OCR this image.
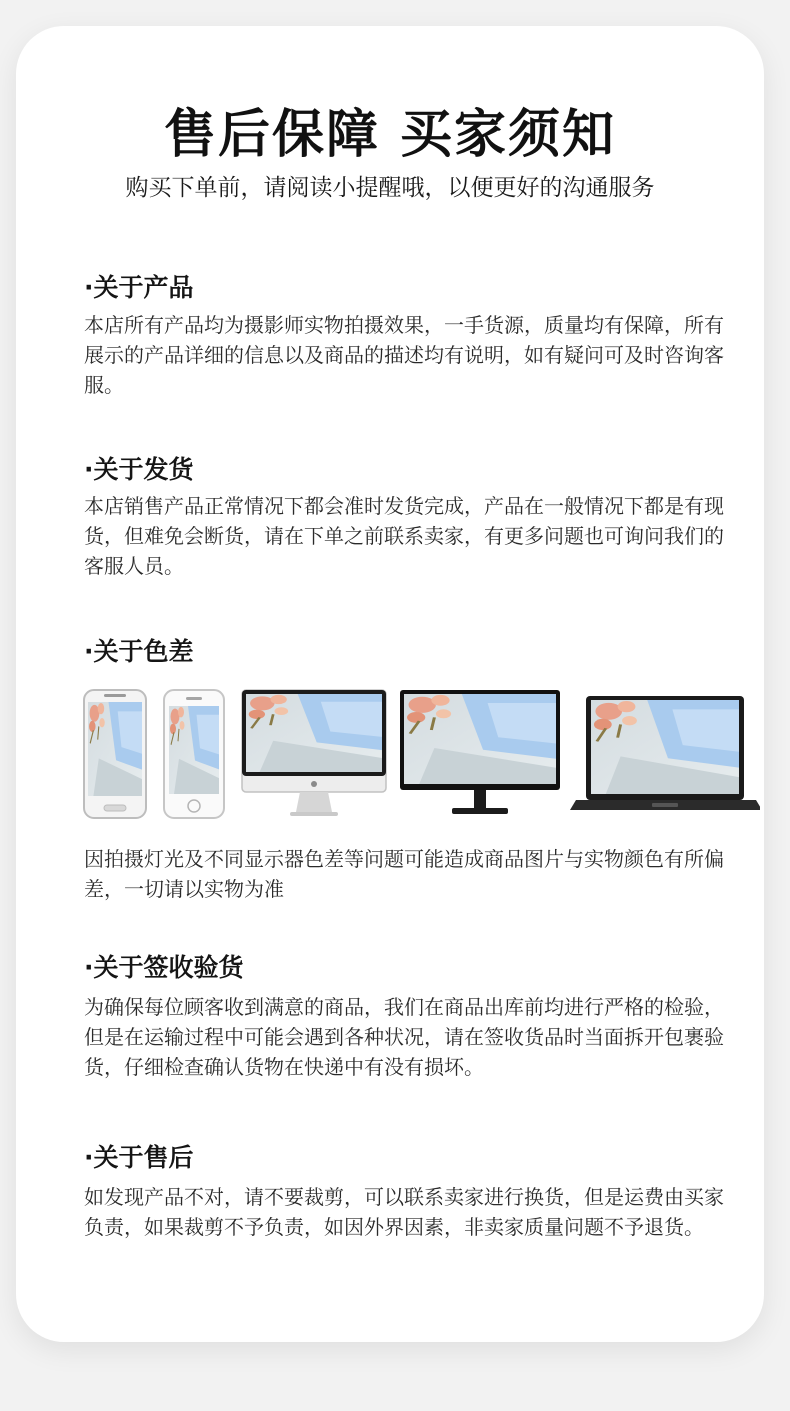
售后保障 买家须知
购买下单前，请阅读小提醒哦，以便更好的沟通服务
·关于产品
本店所有产品均为摄影师实物拍摄效果，一手货源，质量均有保障，所有展示的产品详细的信息以及商品的描述均有说明，如有疑问可及时咨询客服。
·关于发货
本店销售产品正常情况下都会准时发货完成，产品在一般情况下都是有现货，但难免会断货，请在下单之前联系卖家，有更多问题也可询问我们的客服人员。
·关于色差
因拍摄灯光及不同显示器色差等问题可能造成商品图片与实物颜色有所偏差，一切请以实物为准
·关于签收验货
为确保每位顾客收到满意的商品，我们在商品出库前均进行严格的检验，但是在运输过程中可能会遇到各种状况，请在签收货品时当面拆开包裹验货，仔细检查确认货物在快递中有没有损坏。
·关于售后
如发现产品不对，请不要裁剪，可以联系卖家进行换货，但是运费由买家负责，如果裁剪不予负责，如因外界因素，非卖家质量问题不予退货。
